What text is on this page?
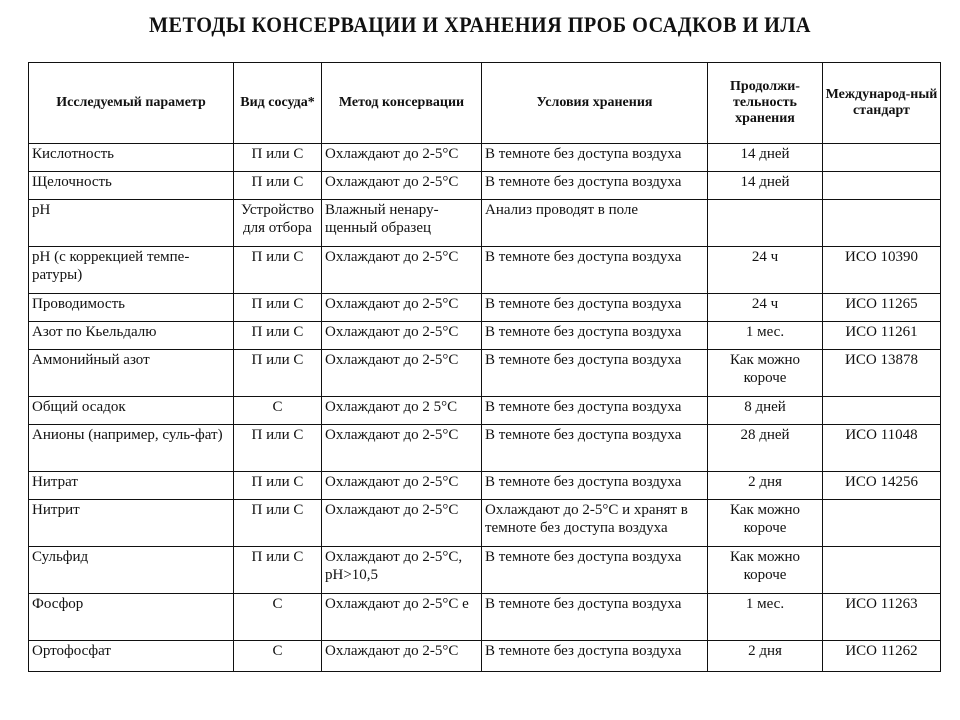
МЕТОДЫ КОНСЕРВАЦИИ И ХРАНЕНИЯ ПРОБ ОСАДКОВ И ИЛА
Исследуемый параметр	Вид сосуда*	Метод консервации	Условия хранения	Продолжи-тельность хранения	Международ-ный стандарт
Кислотность	П или С	Охлаждают до 2-5°С	В темноте без доступа воздуха	14 дней	
Щелочность	П или С	Охлаждают до 2-5°С	В темноте без доступа воздуха	14 дней	
pH	Устройство для отбора	Влажный ненару-щенный образец	Анализ проводят в поле		
pH (с коррекцией темпе-ратуры)	П или С	Охлаждают до 2-5°С	В темноте без доступа воздуха	24 ч	ИСО 10390
Проводимость	П или С	Охлаждают до 2-5°С	В темноте без доступа воздуха	24 ч	ИСО 11265
Азот по Кьельдалю	П или С	Охлаждают до 2-5°С	В темноте без доступа воздуха	1 мес.	ИСО 11261
Аммонийный азот	П или С	Охлаждают до 2-5°С	В темноте без доступа воздуха	Как можно короче	ИСО 13878
Общий осадок	С	Охлаждают до 2 5°С	В темноте без доступа воздуха	8 дней	
Анионы (например, суль-фат)	П или С	Охлаждают до 2-5°С	В темноте без доступа воздуха	28 дней	ИСО 11048
Нитрат	П или С	Охлаждают до 2-5°С	В темноте без доступа воздуха	2 дня	ИСО 14256
Нитрит	П или С	Охлаждают до 2-5°С	Охлаждают до 2-5°С и хранят в темноте без доступа воздуха	Как можно короче	
Сульфид	П или С	Охлаждают до 2-5°С, pH>10,5	В темноте без доступа воздуха	Как можно короче	
Фосфор	С	Охлаждают до 2-5°С е	В темноте без доступа воздуха	1 мес.	ИСО 11263
Ортофосфат	С	Охлаждают до 2-5°С	В темноте без доступа воздуха	2 дня	ИСО 11262
